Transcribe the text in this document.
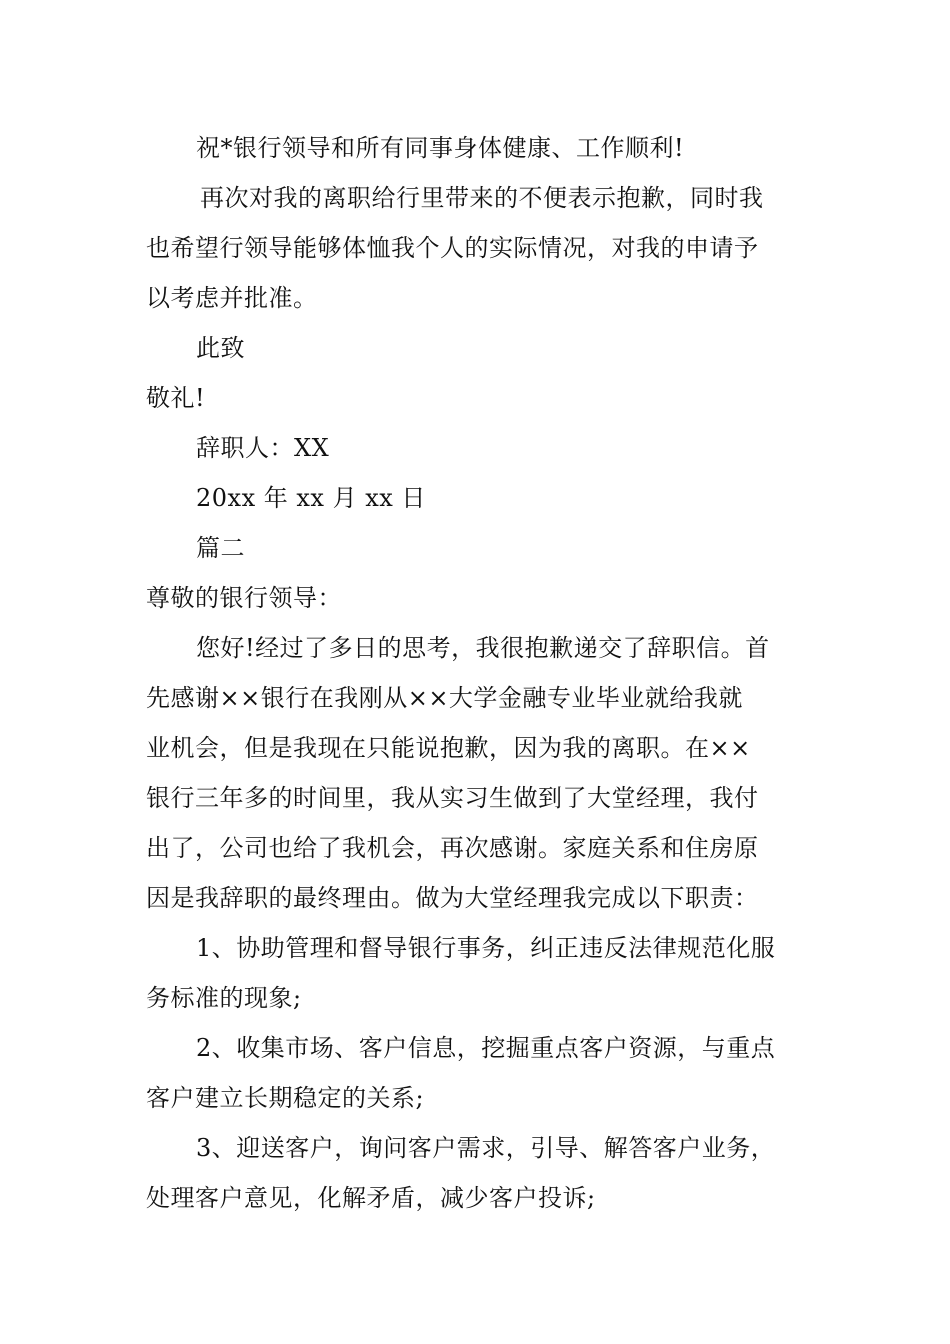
祝*银行领导和所有同事身体健康、工作顺利!
再次对我的离职给行里带来的不便表示抱歉，同时我
也希望行领导能够体恤我个人的实际情况，对我的申请予
以考虑并批准。
此致
敬礼!
辞职人：XX
20xx 年 xx 月 xx 日
篇二
尊敬的银行领导：
您好!经过了多日的思考，我很抱歉递交了辞职信。首
先感谢××银行在我刚从××大学金融专业毕业就给我就
业机会，但是我现在只能说抱歉，因为我的离职。在××
银行三年多的时间里，我从实习生做到了大堂经理，我付
出了，公司也给了我机会，再次感谢。家庭关系和住房原
因是我辞职的最终理由。做为大堂经理我完成以下职责：
1、协助管理和督导银行事务，纠正违反法律规范化服
务标准的现象;
2、收集市场、客户信息，挖掘重点客户资源，与重点
客户建立长期稳定的关系;
3、迎送客户，询问客户需求，引导、解答客户业务，
处理客户意见，化解矛盾，减少客户投诉;
